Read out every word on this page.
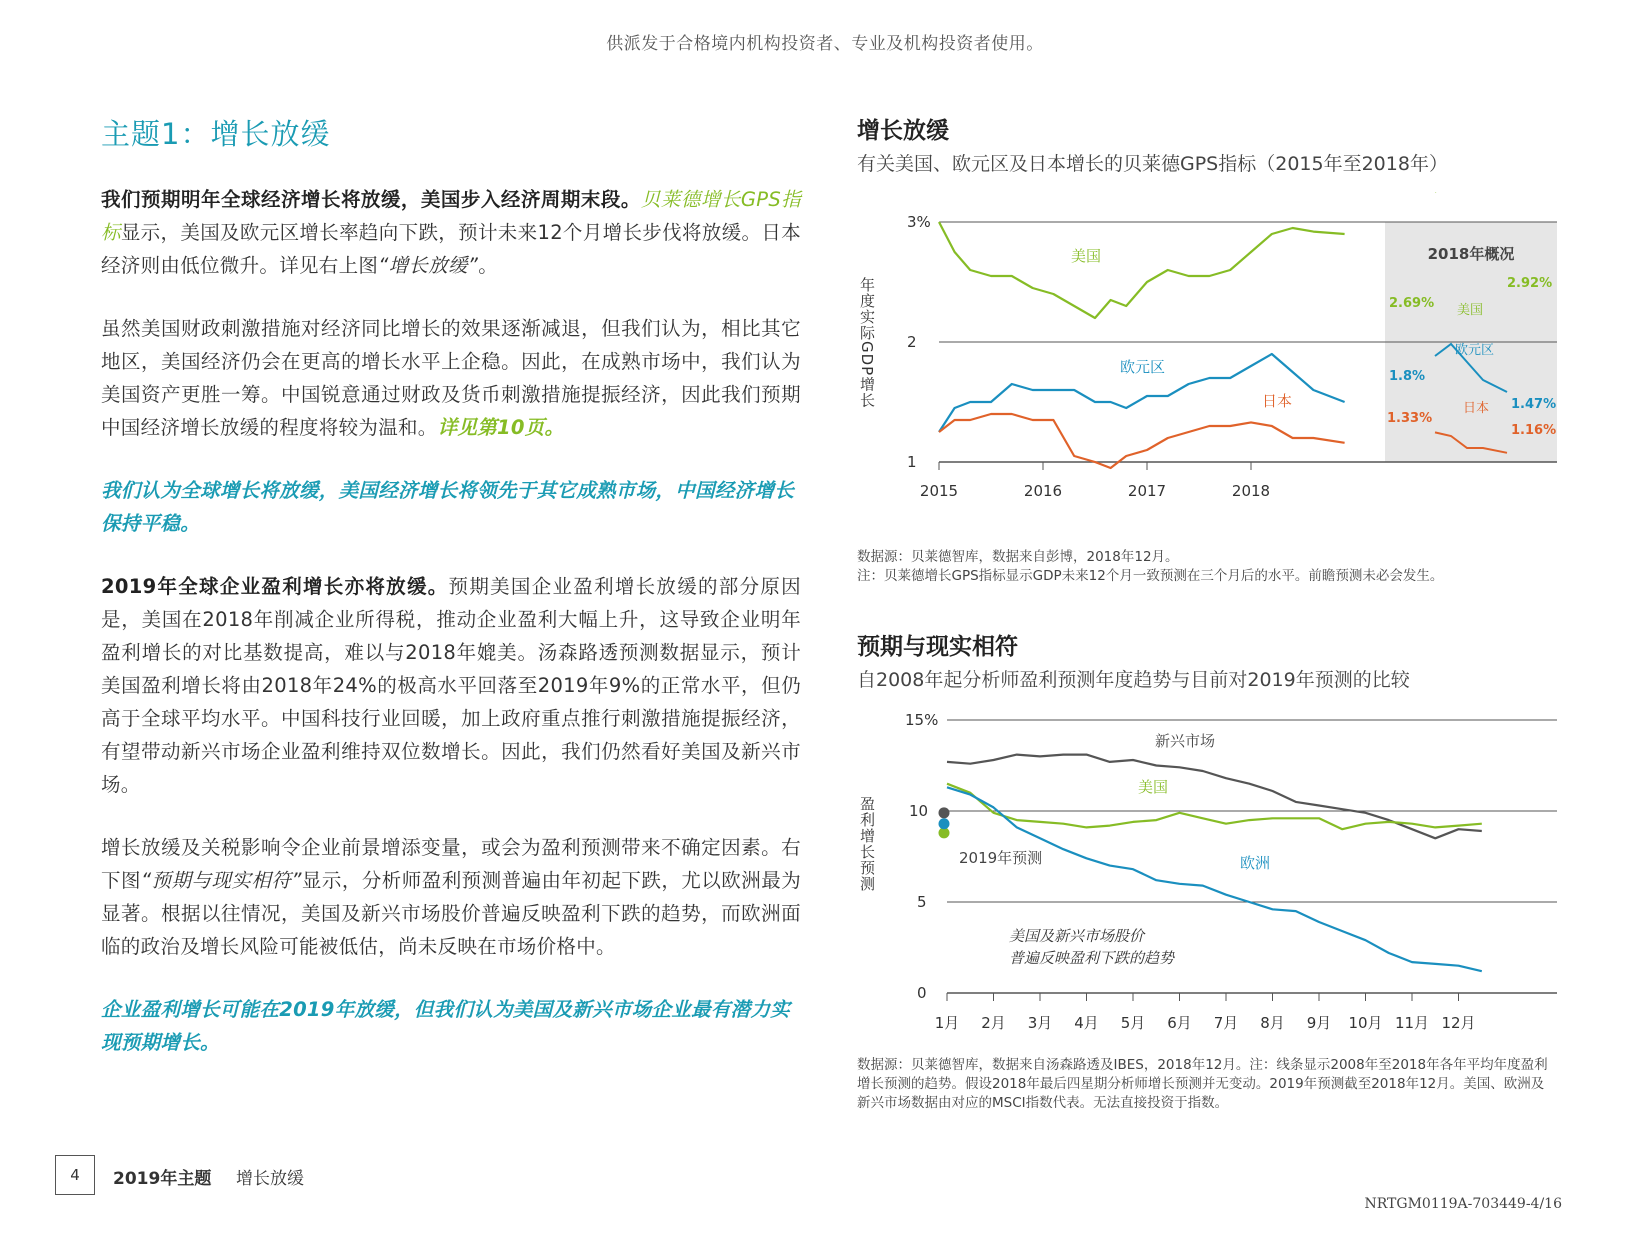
供派发于合格境内机构投资者、专业及机构投资者使用。
主题1：增长放缓

我们预期明年全球经济增长将放缓，美国步入经济周期末段。贝莱德增长GPS指标显示，美国及欧元区增长率趋向下跌，预计未来12个月增长步伐将放缓。日本经济则由低位微升。详见右上图“增长放缓”。

虽然美国财政刺激措施对经济同比增长的效果逐渐减退，但我们认为，相比其它地区，美国经济仍会在更高的增长水平上企稳。因此，在成熟市场中，我们认为美国资产更胜一筹。中国锐意通过财政及货币刺激措施提振经济，因此我们预期中国经济增长放缓的程度将较为温和。详见第10页。

我们认为全球增长将放缓，美国经济增长将领先于其它成熟市场，中国经济增长保持平稳。

2019年全球企业盈利增长亦将放缓。预期美国企业盈利增长放缓的部分原因是，美国在2018年削减企业所得税，推动企业盈利大幅上升，这导致企业明年盈利增长的对比基数提高，难以与2018年媲美。汤森路透预测数据显示，预计美国盈利增长将由2018年24%的极高水平回落至2019年9%的正常水平，但仍高于全球平均水平。中国科技行业回暖，加上政府重点推行刺激措施提振经济，有望带动新兴市场企业盈利维持双位数增长。因此，我们仍然看好美国及新兴市场。

增长放缓及关税影响令企业前景增添变量，或会为盈利预测带来不确定因素。右下图“预期与现实相符”显示，分析师盈利预测普遍由年初起下跌，尤以欧洲最为显著。根据以往情况，美国及新兴市场股价普遍反映盈利下跌的趋势，而欧洲面临的政治及增长风险可能被低估，尚未反映在市场价格中。

企业盈利增长可能在2019年放缓，但我们认为美国及新兴市场企业最有潜力实现预期增长。

增长放缓
有关美国、欧元区及日本增长的贝莱德GPS指标（2015年至2018年）
3%
2
1
年度实际GDP增长
2015	2016	2017	2018
美国
欧元区
日本
2018年概况
2.69%
2.92%
美国
欧元区
1.8%
1.47%
日本
1.33%
1.16%
数据源：贝莱德智库，数据来自彭博，2018年12月。
注：贝莱德增长GPS指标显示GDP未来12个月一致预测在三个月后的水平。前瞻预测未必会发生。
预期与现实相符
自2008年起分析师盈利预测年度趋势与目前对2019年预测的比较
15%
10
5
0
盈利增长预测
1月 2月 3月 4月 5月 6月 7月 8月 9月 10月 11月 12月
新兴市场
美国
欧洲
2019年预测
美国及新兴市场股价
普遍反映盈利下跌的趋势
数据源：贝莱德智库，数据来自汤森路透及IBES，2018年12月。注：线条显示2008年至2018年各年平均年度盈利增长预测的趋势。假设2018年最后四星期分析师增长预测并无变动。2019年预测截至2018年12月。美国、欧洲及新兴市场数据由对应的MSCI指数代表。无法直接投资于指数。
4	2019年主题 增长放缓
NRTGM0119A-703449-4/16
